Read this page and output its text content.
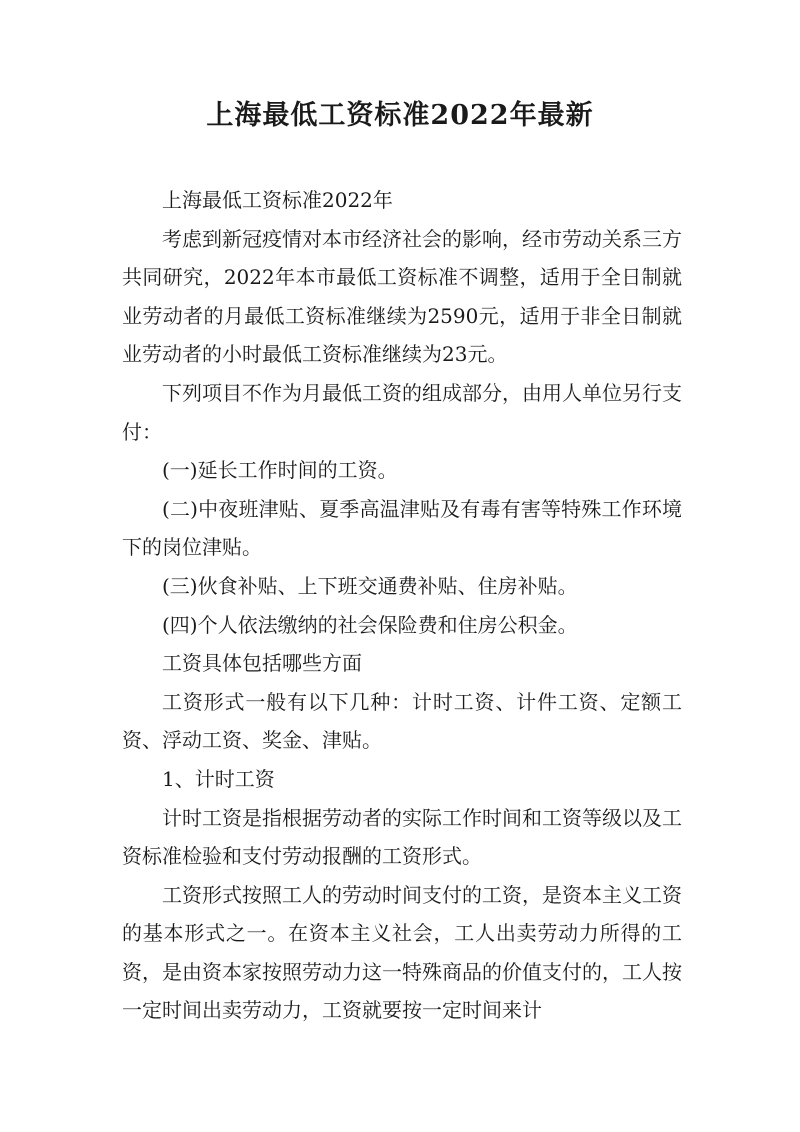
上海最低工资标准2022年最新

上海最低工资标准2022年

考虑到新冠疫情对本市经济社会的影响，经市劳动关系三方共同研究，2022年本市最低工资标准不调整，适用于全日制就业劳动者的月最低工资标准继续为2590元，适用于非全日制就业劳动者的小时最低工资标准继续为23元。

下列项目不作为月最低工资的组成部分，由用人单位另行支付：

(一)延长工作时间的工资。

(二)中夜班津贴、夏季高温津贴及有毒有害等特殊工作环境下的岗位津贴。

(三)伙食补贴、上下班交通费补贴、住房补贴。

(四)个人依法缴纳的社会保险费和住房公积金。

工资具体包括哪些方面

工资形式一般有以下几种：计时工资、计件工资、定额工资、浮动工资、奖金、津贴。

1、计时工资

计时工资是指根据劳动者的实际工作时间和工资等级以及工资标准检验和支付劳动报酬的工资形式。

工资形式按照工人的劳动时间支付的工资，是资本主义工资的基本形式之一。在资本主义社会，工人出卖劳动力所得的工资，是由资本家按照劳动力这一特殊商品的价值支付的，工人按一定时间出卖劳动力，工资就要按一定时间来计
